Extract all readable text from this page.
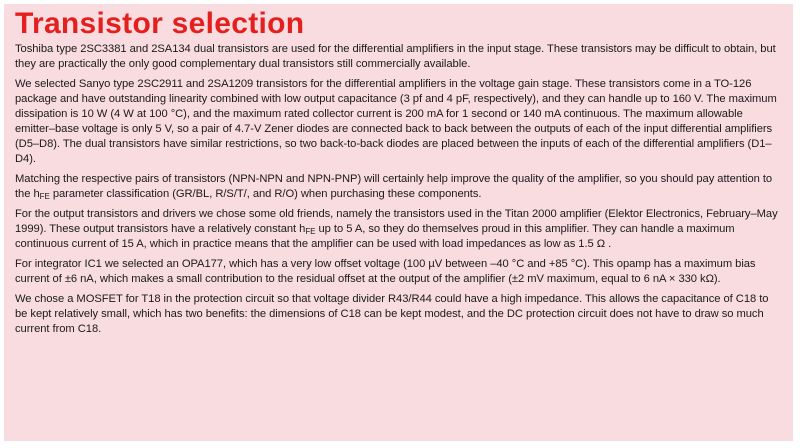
Transistor selection

Toshiba type 2SC3381 and 2SA134 dual transistors are used for the differential amplifiers in the input stage. These transistors may be difficult to obtain, but they are practically the only good complementary dual transistors still commercially available.

We selected Sanyo type 2SC2911 and 2SA1209 transistors for the differential amplifiers in the voltage gain stage. These transistors come in a TO-126 package and have outstanding linearity combined with low output capacitance (3 pf and 4 pF, respectively), and they can handle up to 160 V. The maximum dissipation is 10 W (4 W at 100 °C), and the maximum rated collector current is 200 mA for 1 second or 140 mA continuous. The maximum allowable emitter–base voltage is only 5 V, so a pair of 4.7-V Zener diodes are connected back to back between the outputs of each of the input differential amplifiers (D5–D8). The dual transistors have similar restrictions, so two back-to-back diodes are placed between the inputs of each of the differential amplifiers (D1–D4).

Matching the respective pairs of transistors (NPN-NPN and NPN-PNP) will certainly help improve the quality of the amplifier, so you should pay attention to the $h_{FE}$ parameter classification (GR/BL, R/S/T/, and R/O) when purchasing these components.

For the output transistors and drivers we chose some old friends, namely the transistors used in the Titan 2000 amplifier (Elektor Electronics, February–May 1999). These output transistors have a relatively constant $h_{FE}$ up to 5 A, so they do themselves proud in this amplifier. They can handle a maximum continuous current of 15 A, which in practice means that the amplifier can be used with load impedances as low as 1.5 Ω .

For integrator IC1 we selected an OPA177, which has a very low offset voltage (100 µV between –40 °C and +85 °C). This opamp has a maximum bias current of ±6 nA, which makes a small contribution to the residual offset at the output of the amplifier (±2 mV maximum, equal to 6 nA × 330 kΩ).

We chose a MOSFET for T18 in the protection circuit so that voltage divider R43/R44 could have a high impedance. This allows the capacitance of C18 to be kept relatively small, which has two benefits: the dimensions of C18 can be kept modest, and the DC protection circuit does not have to draw so much current from C18.
